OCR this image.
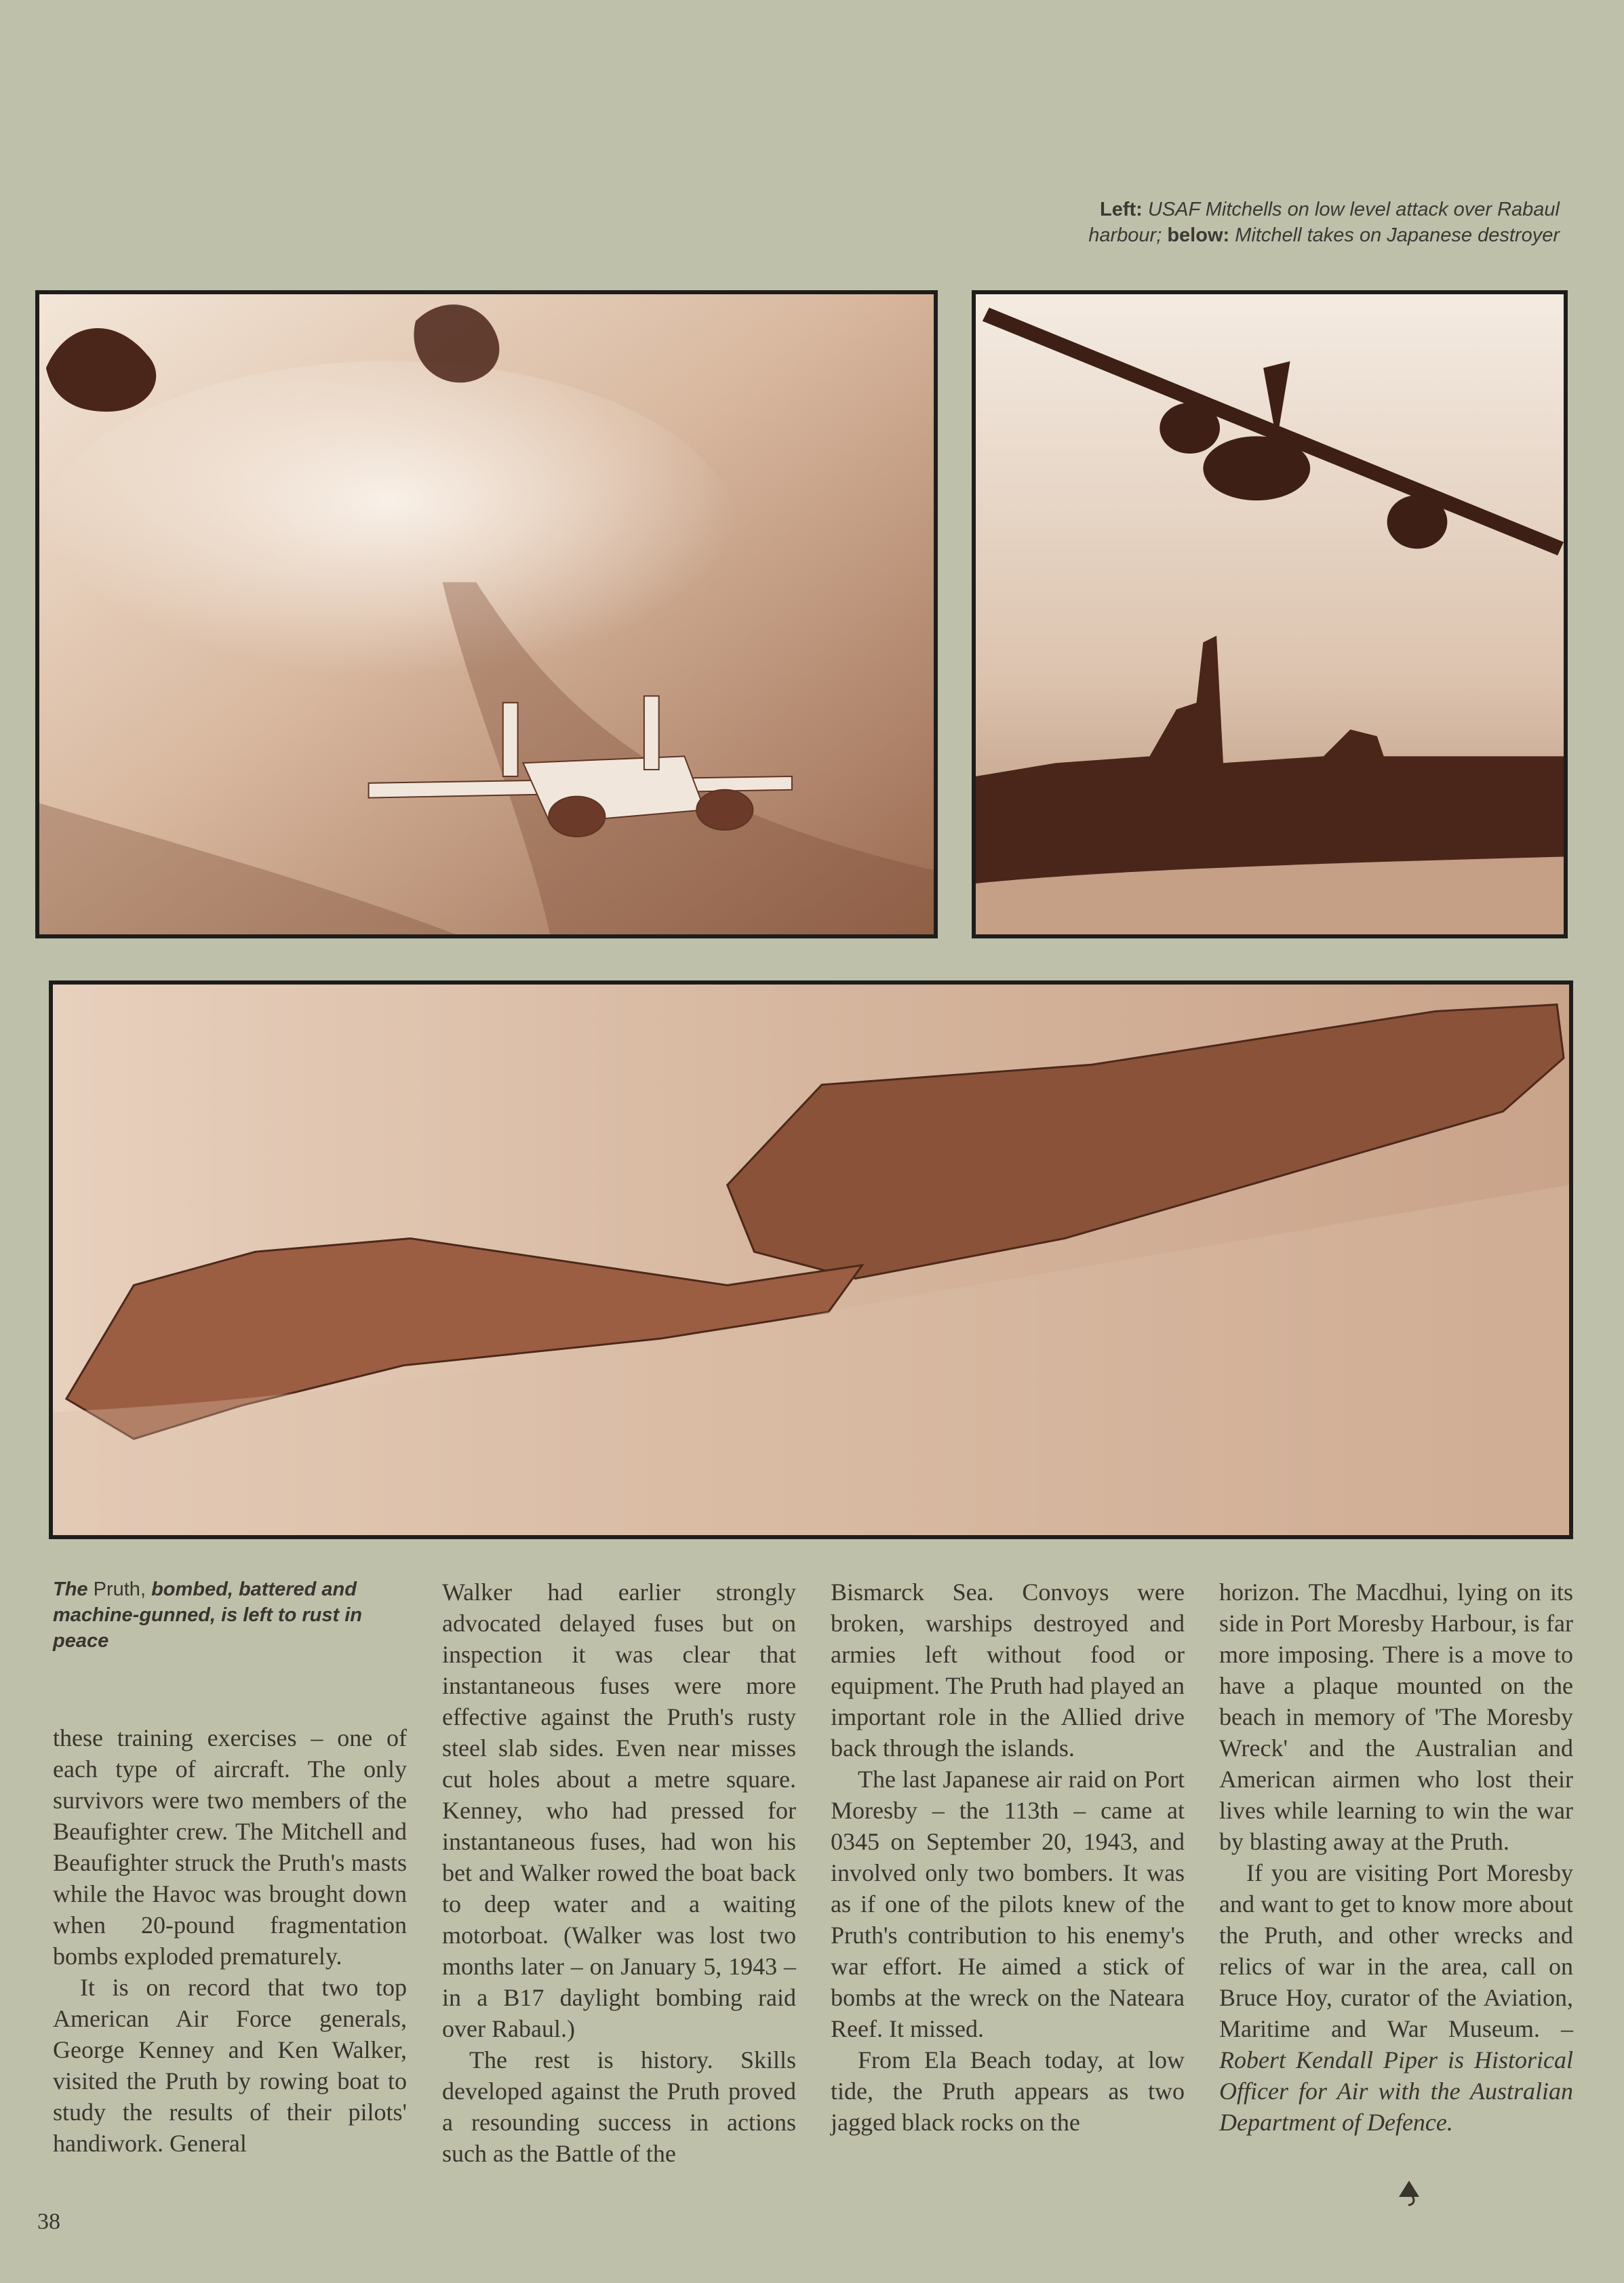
Left: USAF Mitchells on low level attack over Rabaul harbour; below: Mitchell takes on Japanese destroyer
The Pruth, bombed, battered and machine-gunned, is left to rust in peace

these training exercises – one of each type of aircraft. The only survivors were two members of the Beaufighter crew. The Mitchell and Beaufighter struck the Pruth's masts while the Havoc was brought down when 20-pound fragmentation bombs exploded prematurely.

It is on record that two top American Air Force generals, George Kenney and Ken Walker, visited the Pruth by rowing boat to study the results of their pilots' handiwork. General

Walker had earlier strongly advocated delayed fuses but on inspection it was clear that instantaneous fuses were more effective against the Pruth's rusty steel slab sides. Even near misses cut holes about a metre square. Kenney, who had pressed for instantaneous fuses, had won his bet and Walker rowed the boat back to deep water and a waiting motorboat. (Walker was lost two months later – on January 5, 1943 – in a B17 daylight bombing raid over Rabaul.)

The rest is history. Skills developed against the Pruth proved a resounding success in actions such as the Battle of the

Bismarck Sea. Convoys were broken, warships destroyed and armies left without food or equipment. The Pruth had played an important role in the Allied drive back through the islands.

The last Japanese air raid on Port Moresby – the 113th – came at 0345 on September 20, 1943, and involved only two bombers. It was as if one of the pilots knew of the Pruth's contribution to his enemy's war effort. He aimed a stick of bombs at the wreck on the Nateara Reef. It missed.

From Ela Beach today, at low tide, the Pruth appears as two jagged black rocks on the

horizon. The Macdhui, lying on its side in Port Moresby Harbour, is far more imposing. There is a move to have a plaque mounted on the beach in memory of 'The Moresby Wreck' and the Australian and American airmen who lost their lives while learning to win the war by blasting away at the Pruth.

If you are visiting Port Moresby and want to get to know more about the Pruth, and other wrecks and relics of war in the area, call on Bruce Hoy, curator of the Aviation, Maritime and War Museum. – Robert Kendall Piper is Historical Officer for Air with the Australian Department of Defence.

38
